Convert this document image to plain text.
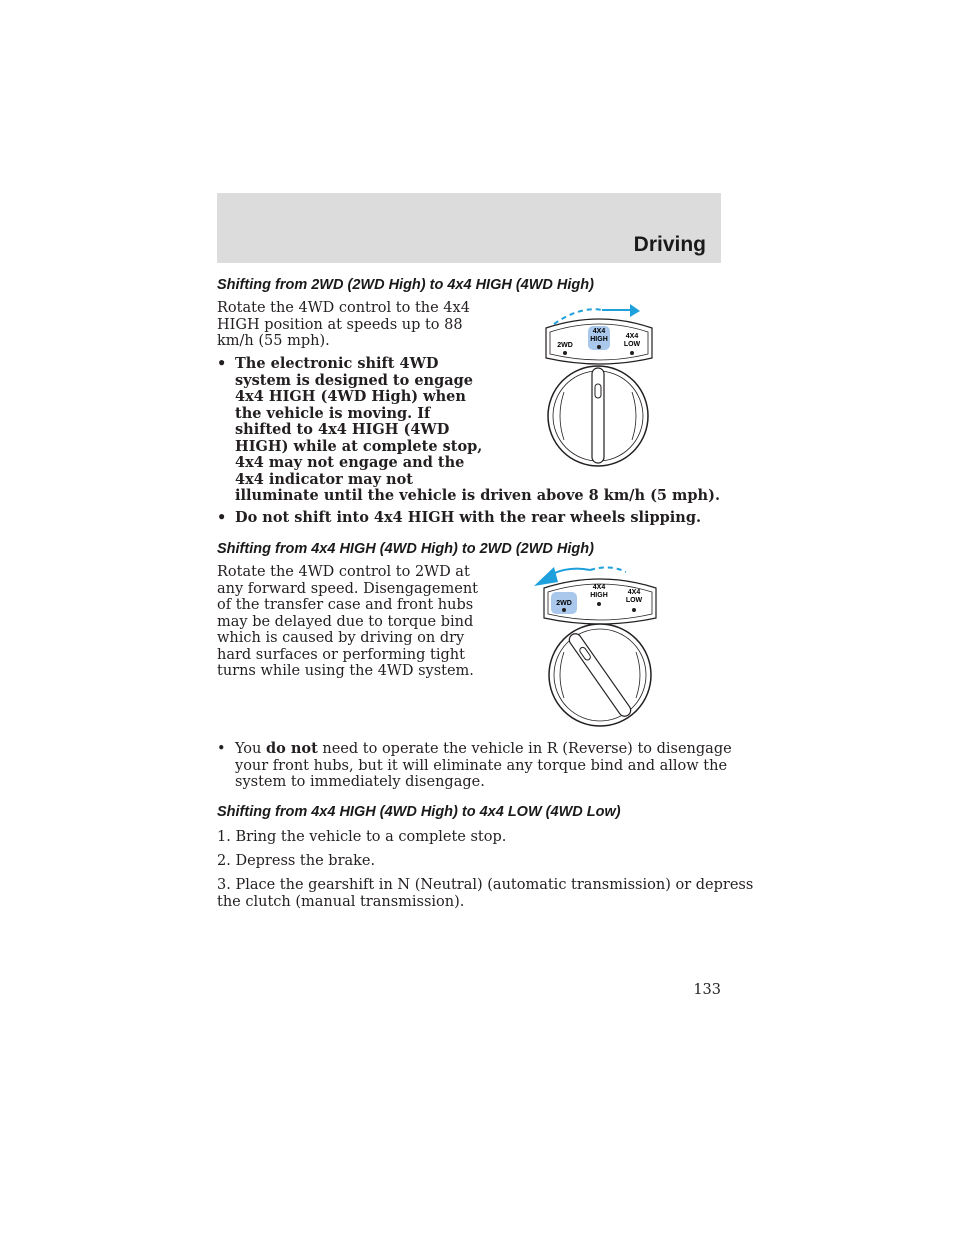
Driving
Shifting from 2WD (2WD High) to 4x4 HIGH (4WD High)
Rotate the 4WD control to the 4x4
HIGH position at speeds up to 88
km/h (55 mph).
• The electronic shift 4WD
system is designed to engage
4x4 HIGH (4WD High) when
the vehicle is moving. If
shifted to 4x4 HIGH (4WD
HIGH) while at complete stop,
4x4 may not engage and the
4x4 indicator may not
illuminate until the vehicle is driven above 8 km/h (5 mph).
• Do not shift into 4x4 HIGH with the rear wheels slipping.
2WD
4X4
HIGH	4X4
LOW
Shifting from 4x4 HIGH (4WD High) to 2WD (2WD High)
Rotate the 4WD control to 2WD at
any forward speed. Disengagement
of the transfer case and front hubs
may be delayed due to torque bind
which is caused by driving on dry
hard surfaces or performing tight
turns while using the 4WD system.
2WD
4X4
HIGH	4X4
LOW
• You do not need to operate the vehicle in R (Reverse) to disengage
your front hubs, but it will eliminate any torque bind and allow the
system to immediately disengage.
Shifting from 4x4 HIGH (4WD High) to 4x4 LOW (4WD Low)
1. Bring the vehicle to a complete stop.
2. Depress the brake.
3. Place the gearshift in N (Neutral) (automatic transmission) or depress
the clutch (manual transmission).
133
